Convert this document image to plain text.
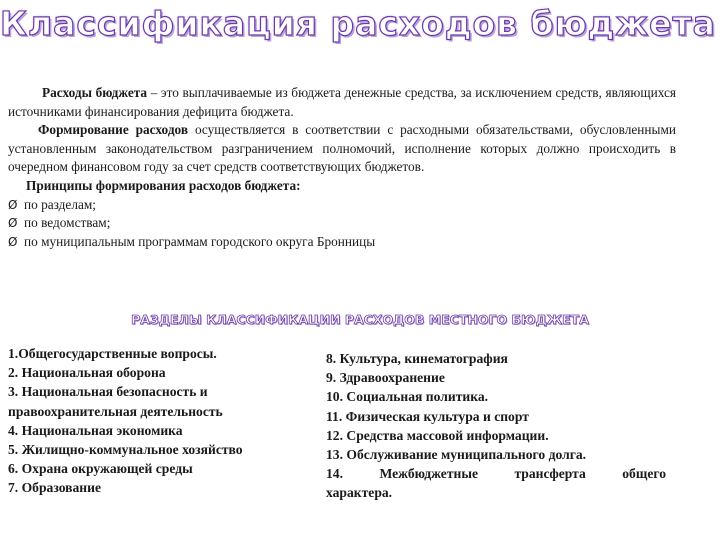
Классификация расходов бюджета

Расходы бюджета – это выплачиваемые из бюджета денежные средства, за исключением средств, являющихся источниками финансирования дефицита бюджета.

Формирование расходов осуществляется в соответствии с расходными обязательствами, обусловленными установленным законодательством разграничением полномочий, исполнение которых должно происходить в очередном финансовом году за счет средств соответствующих бюджетов.

Принципы формирования расходов бюджета:

Ø по разделам;
Ø по ведомствам;
Ø по муниципальным программам городского округа Бронницы
РАЗДЕЛЫ КЛАССИФИКАЦИИ РАСХОДОВ МЕСТНОГО БЮДЖЕТА
1.Общегосударственные вопросы.
2. Национальная оборона
3. Национальная безопасность и правоохранительная деятельность
4. Национальная экономика
5. Жилищно-коммунальное хозяйство
6. Охрана окружающей среды
7. Образование
8. Культура, кинематография
9. Здравоохранение
10. Социальная политика.
11. Физическая культура и спорт
12. Средства массовой информации.
13. Обслуживание муниципального долга.
14. Межбюджетные трансферта общего
характера.
